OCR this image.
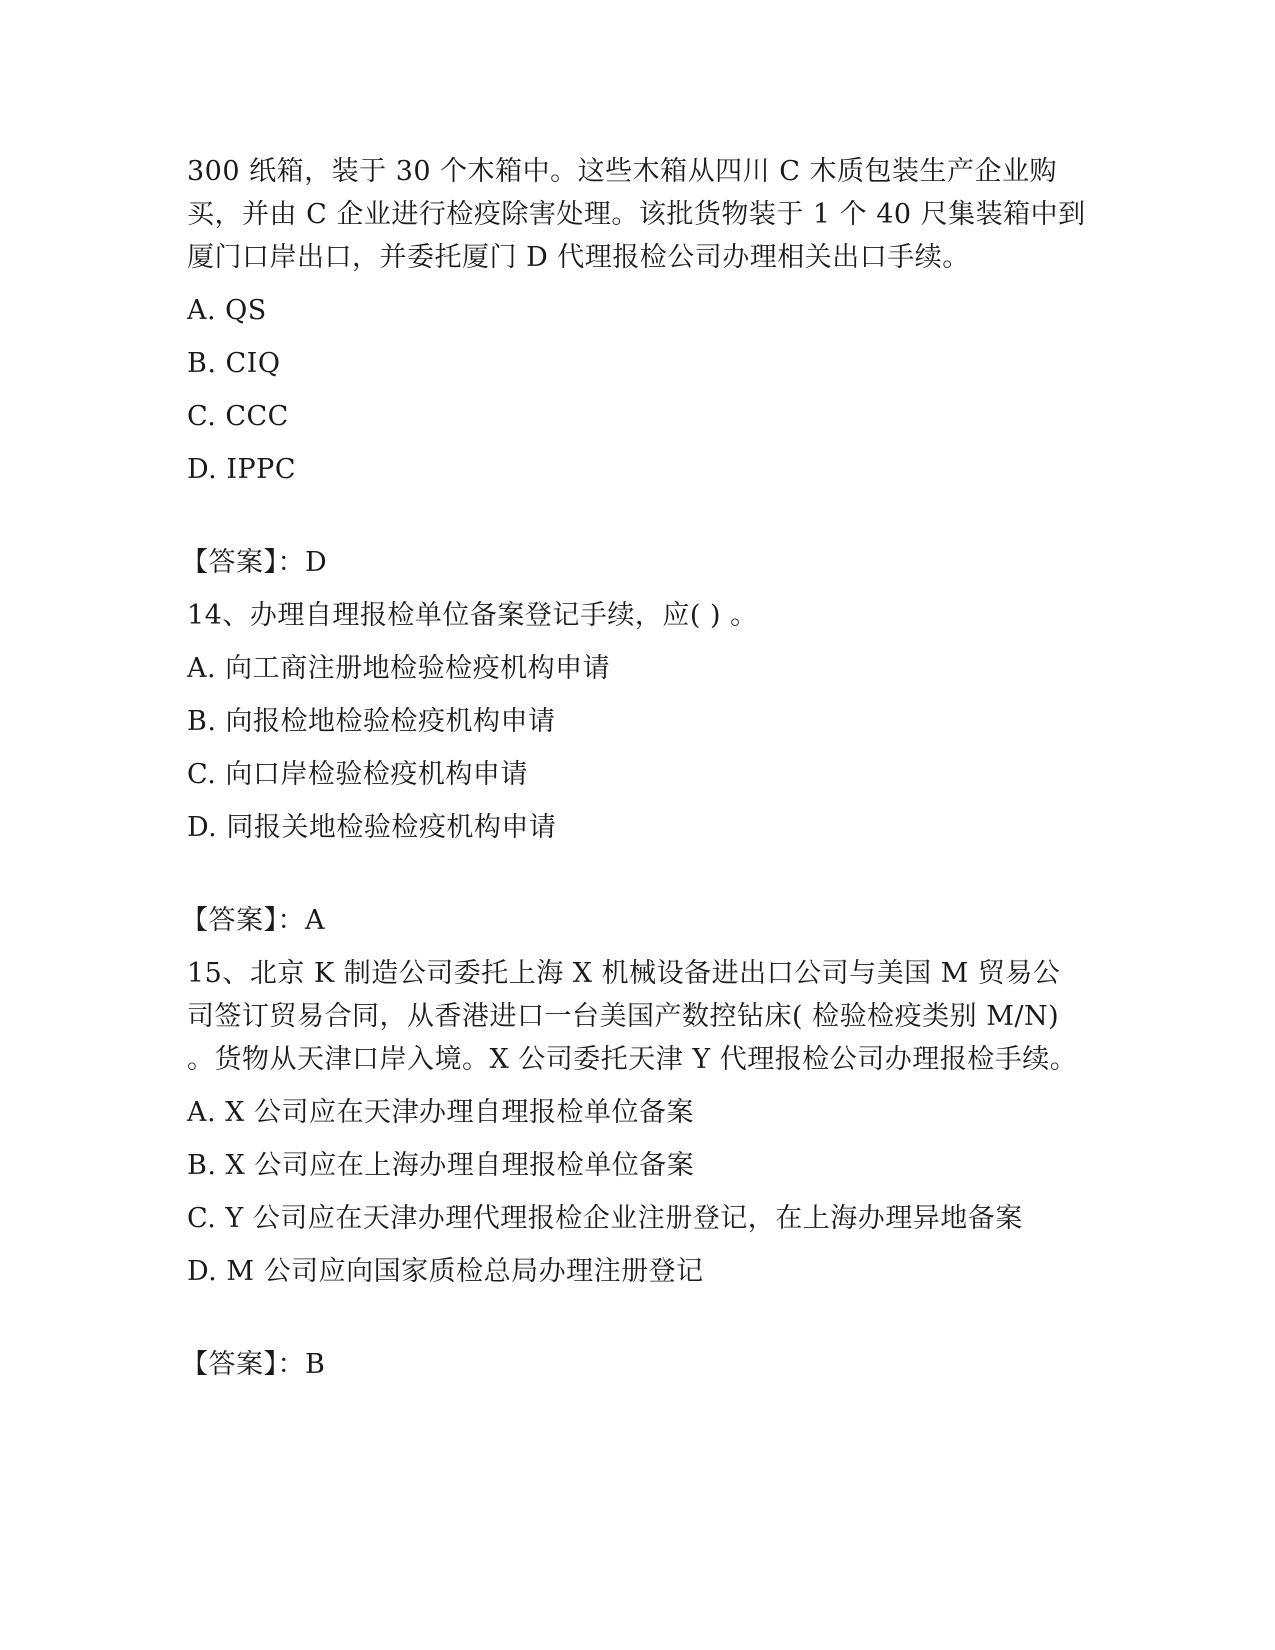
300 纸箱，装于 30 个木箱中。这些木箱从四川 C 木质包装生产企业购买，并由 C 企业进行检疫除害处理。该批货物装于 1 个 40 尺集装箱中到厦门口岸出口，并委托厦门 D 代理报检公司办理相关出口手续。

A. QS

B. CIQ

C. CCC

D. IPPC

【答案】：D

14、办理自理报检单位备案登记手续，应( ) 。

A. 向工商注册地检验检疫机构申请

B. 向报检地检验检疫机构申请

C. 向口岸检验检疫机构申请

D. 同报关地检验检疫机构申请

【答案】：A

15、北京 K 制造公司委托上海 X 机械设备进出口公司与美国 M 贸易公司签订贸易合同，从香港进口一台美国产数控钻床( 检验检疫类别 M/N) 。货物从天津口岸入境。X 公司委托天津 Y 代理报检公司办理报检手续。

A. X 公司应在天津办理自理报检单位备案

B. X 公司应在上海办理自理报检单位备案

C. Y 公司应在天津办理代理报检企业注册登记，在上海办理异地备案

D. M 公司应向国家质检总局办理注册登记

【答案】：B
